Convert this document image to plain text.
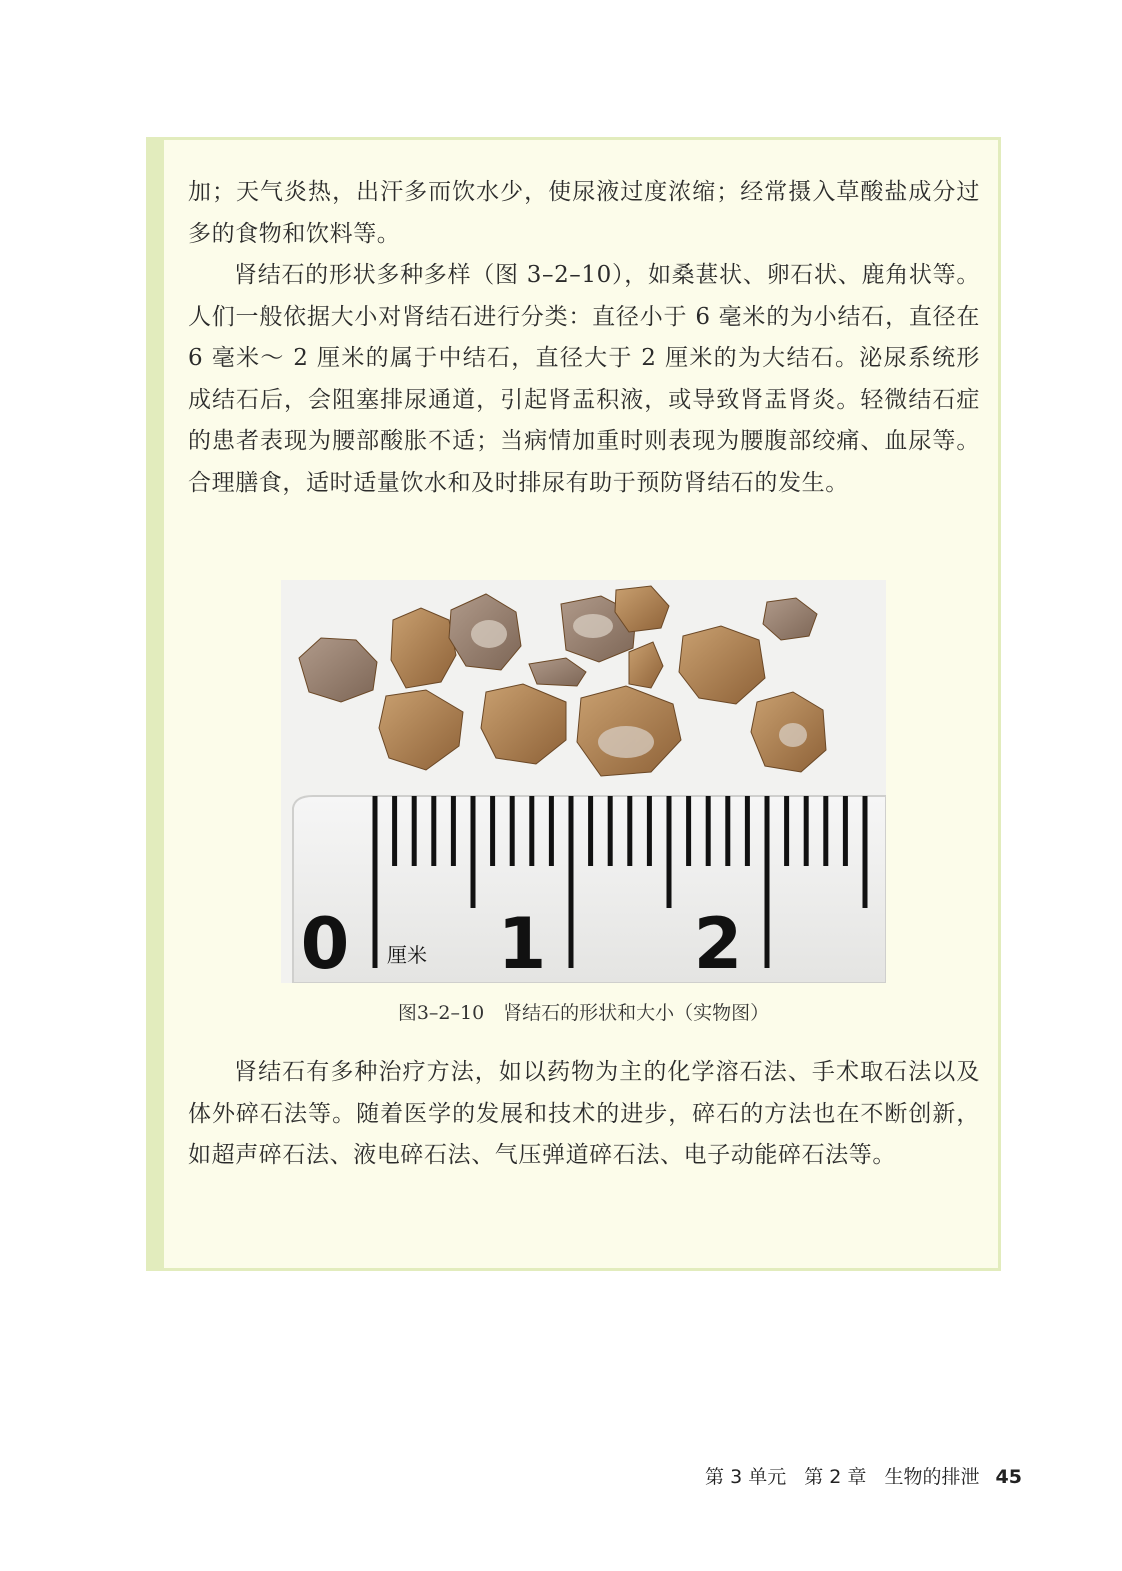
加；天气炎热，出汗多而饮水少，使尿液过度浓缩；经常摄入草酸盐成分过多的食物和饮料等。

肾结石的形状多种多样（图 3–2–10），如桑葚状、卵石状、鹿角状等。人们一般依据大小对肾结石进行分类：直径小于 6 毫米的为小结石，直径在 6 毫米～ 2 厘米的属于中结石，直径大于 2 厘米的为大结石。泌尿系统形成结石后，会阻塞排尿通道，引起肾盂积液，或导致肾盂肾炎。轻微结石症的患者表现为腰部酸胀不适；当病情加重时则表现为腰腹部绞痛、血尿等。合理膳食，适时适量饮水和及时排尿有助于预防肾结石的发生。

0 1 2
厘米
图3–2–10　肾结石的形状和大小（实物图）

肾结石有多种治疗方法，如以药物为主的化学溶石法、手术取石法以及体外碎石法等。随着医学的发展和技术的进步，碎石的方法也在不断创新，如超声碎石法、液电碎石法、气压弹道碎石法、电子动能碎石法等。

第 3 单元 第 2 章 生物的排泄 45
